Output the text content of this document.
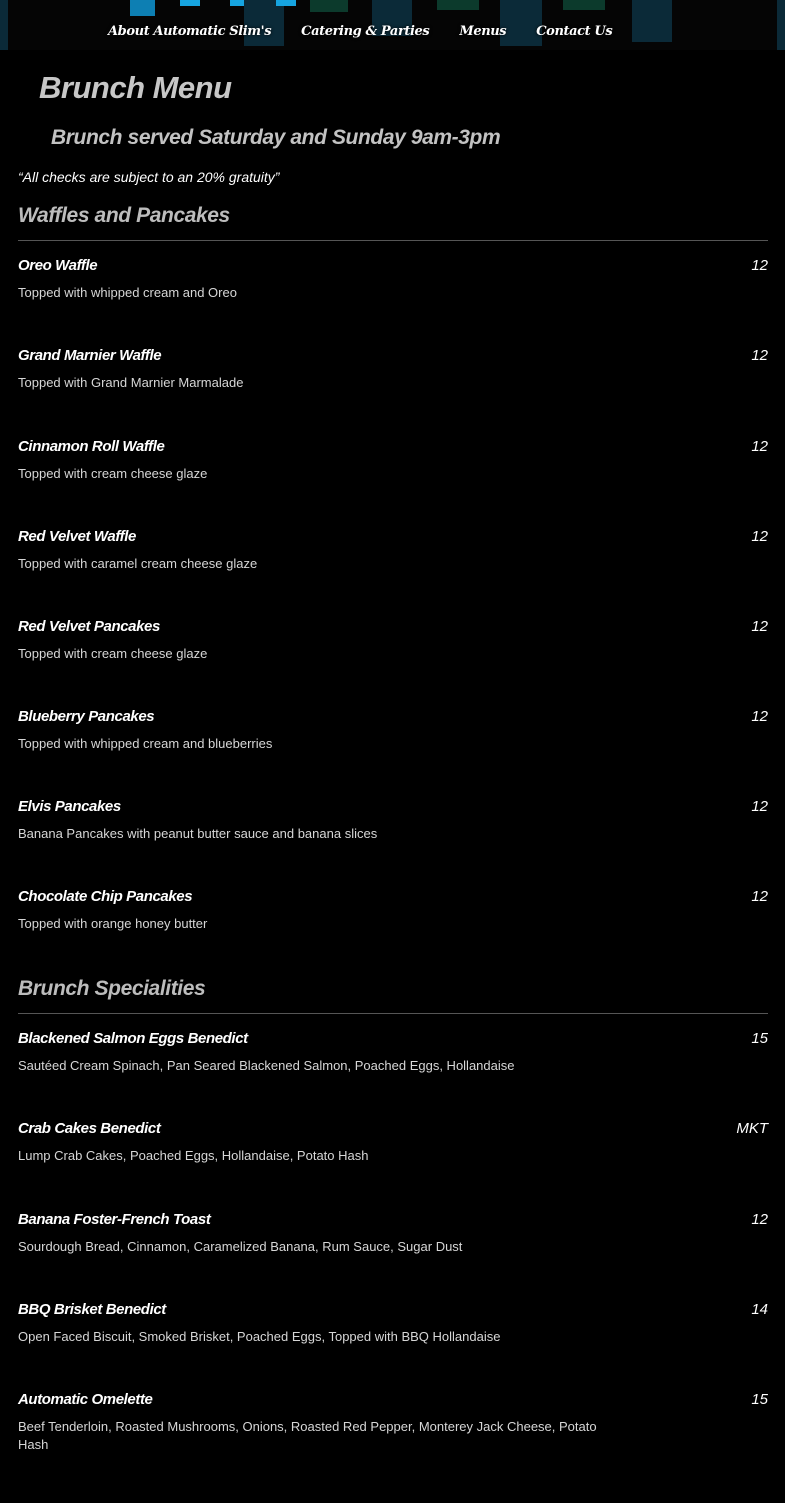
About Automatic Slim's Catering & Parties Menus Contact Us
Brunch Menu
Brunch served Saturday and Sunday 9am-3pm
“All checks are subject to an 20% gratuity”
Waffles and Pancakes
Oreo Waffle	12
Topped with whipped cream and Oreo
Grand Marnier Waffle	12
Topped with Grand Marnier Marmalade
Cinnamon Roll Waffle	12
Topped with cream cheese glaze
Red Velvet Waffle	12
Topped with caramel cream cheese glaze
Red Velvet Pancakes	12
Topped with cream cheese glaze
Blueberry Pancakes	12
Topped with whipped cream and blueberries
Elvis Pancakes	12
Banana Pancakes with peanut butter sauce and banana slices
Chocolate Chip Pancakes	12
Topped with orange honey butter
Brunch Specialities
Blackened Salmon Eggs Benedict	15
Sautéed Cream Spinach, Pan Seared Blackened Salmon, Poached Eggs, Hollandaise
Crab Cakes Benedict	MKT
Lump Crab Cakes, Poached Eggs, Hollandaise, Potato Hash
Banana Foster-French Toast	12
Sourdough Bread, Cinnamon, Caramelized Banana, Rum Sauce, Sugar Dust
BBQ Brisket Benedict	14
Open Faced Biscuit, Smoked Brisket, Poached Eggs, Topped with BBQ Hollandaise
Automatic Omelette	15
Beef Tenderloin, Roasted Mushrooms, Onions, Roasted Red Pepper, Monterey Jack Cheese, Potato Hash
